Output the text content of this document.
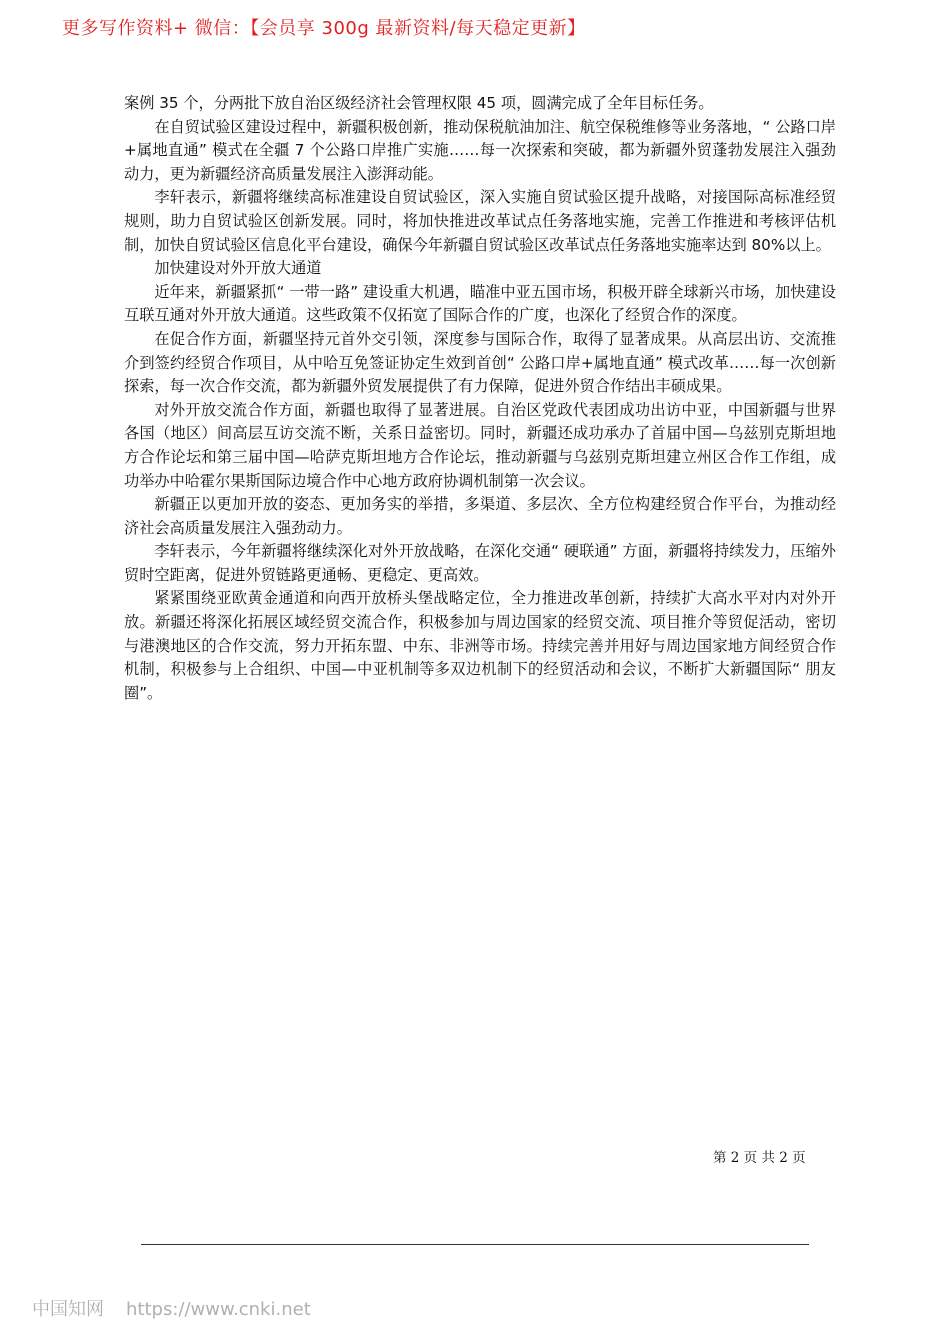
更多写作资料+ 微信：【会员享 300g 最新资料/每天稳定更新】

案例 35 个，分两批下放自治区级经济社会管理权限 45 项，圆满完成了全年目标任务。

在自贸试验区建设过程中，新疆积极创新，推动保税航油加注、航空保税维修等业务落地，“ 公路口岸+属地直通” 模式在全疆 7 个公路口岸推广实施……每一次探索和突破，都为新疆外贸蓬勃发展注入强劲动力，更为新疆经济高质量发展注入澎湃动能。

李轩表示，新疆将继续高标准建设自贸试验区，深入实施自贸试验区提升战略，对接国际高标准经贸规则，助力自贸试验区创新发展。同时，将加快推进改革试点任务落地实施，完善工作推进和考核评估机制，加快自贸试验区信息化平台建设，确保今年新疆自贸试验区改革试点任务落地实施率达到 80%以上。

加快建设对外开放大通道

近年来，新疆紧抓“ 一带一路” 建设重大机遇，瞄准中亚五国市场，积极开辟全球新兴市场，加快建设互联互通对外开放大通道。这些政策不仅拓宽了国际合作的广度，也深化了经贸合作的深度。

在促合作方面，新疆坚持元首外交引领，深度参与国际合作，取得了显著成果。从高层出访、交流推介到签约经贸合作项目，从中哈互免签证协定生效到首创“ 公路口岸+属地直通” 模式改革……每一次创新探索，每一次合作交流，都为新疆外贸发展提供了有力保障，促进外贸合作结出丰硕成果。

对外开放交流合作方面，新疆也取得了显著进展。自治区党政代表团成功出访中亚，中国新疆与世界各国（地区）间高层互访交流不断，关系日益密切。同时，新疆还成功承办了首届中国—乌兹别克斯坦地方合作论坛和第三届中国—哈萨克斯坦地方合作论坛，推动新疆与乌兹别克斯坦建立州区合作工作组，成功举办中哈霍尔果斯国际边境合作中心地方政府协调机制第一次会议。

新疆正以更加开放的姿态、更加务实的举措，多渠道、多层次、全方位构建经贸合作平台，为推动经济社会高质量发展注入强劲动力。

李轩表示，今年新疆将继续深化对外开放战略，在深化交通“ 硬联通” 方面，新疆将持续发力，压缩外贸时空距离，促进外贸链路更通畅、更稳定、更高效。

紧紧围绕亚欧黄金通道和向西开放桥头堡战略定位，全力推进改革创新，持续扩大高水平对内对外开放。新疆还将深化拓展区域经贸交流合作，积极参加与周边国家的经贸交流、项目推介等贸促活动，密切与港澳地区的合作交流，努力开拓东盟、中东、非洲等市场。持续完善并用好与周边国家地方间经贸合作机制，积极参与上合组织、中国—中亚机制等多双边机制下的经贸活动和会议，不断扩大新疆国际“ 朋友圈”。

第 2 页 共 2 页
中国知网 https://www.cnki.net
